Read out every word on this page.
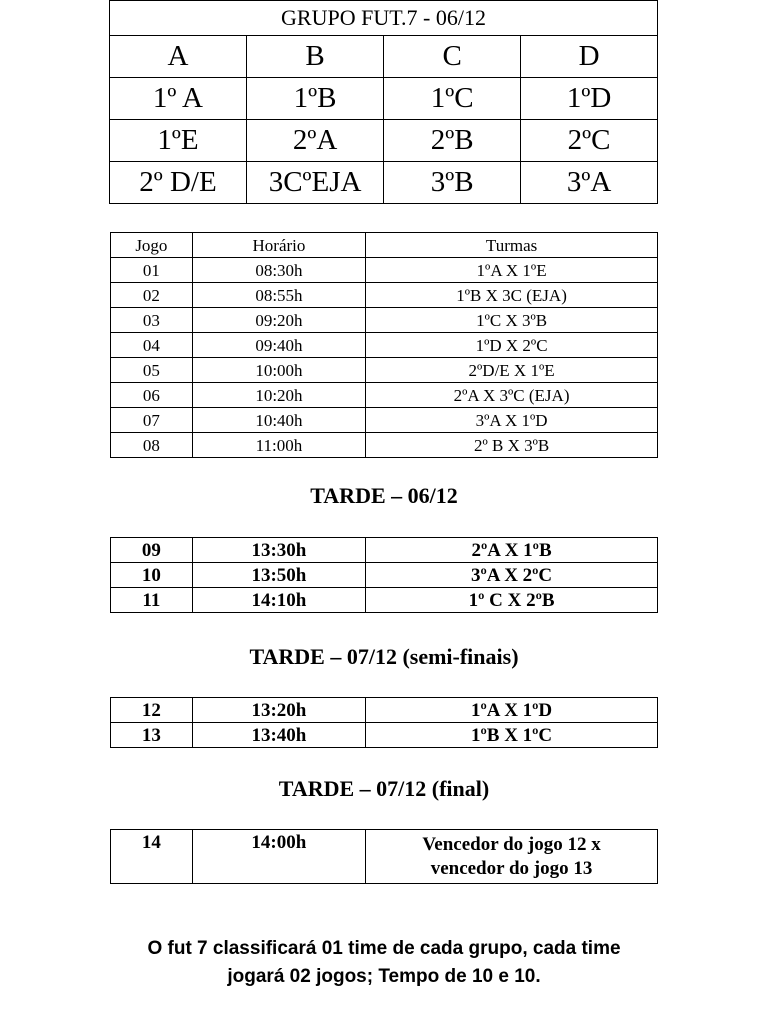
GRUPO FUT.7 - 06/12			
A	B	C	D
1º A	1ºB	1ºC	1ºD
1ºE	2ºA	2ºB	2ºC
2º D/E	3CºEJA	3ºB	3ºA
Jogo	Horário	Turmas
01	08:30h	1ºA X 1ºE
02	08:55h	1ºB X 3C (EJA)
03	09:20h	1ºC X 3ºB
04	09:40h	1ºD X 2ºC
05	10:00h	2ºD/E X 1ºE
06	10:20h	2ºA X 3ºC (EJA)
07	10:40h	3ºA X 1ºD
08	11:00h	2º B X 3ºB
TARDE – 06/12
09	13:30h	2ºA X 1ºB
10	13:50h	3ºA X 2ºC
11	14:10h	1º C X 2ºB
TARDE – 07/12 (semi-finais)
12	13:20h	1ºA X 1ºD
13	13:40h	1ºB X 1ºC
TARDE – 07/12 (final)
14	14:00h	Vencedor do jogo 12 x
vencedor do jogo 13
O fut 7 classificará 01 time de cada grupo, cada time
jogará 02 jogos; Tempo de 10 e 10.
